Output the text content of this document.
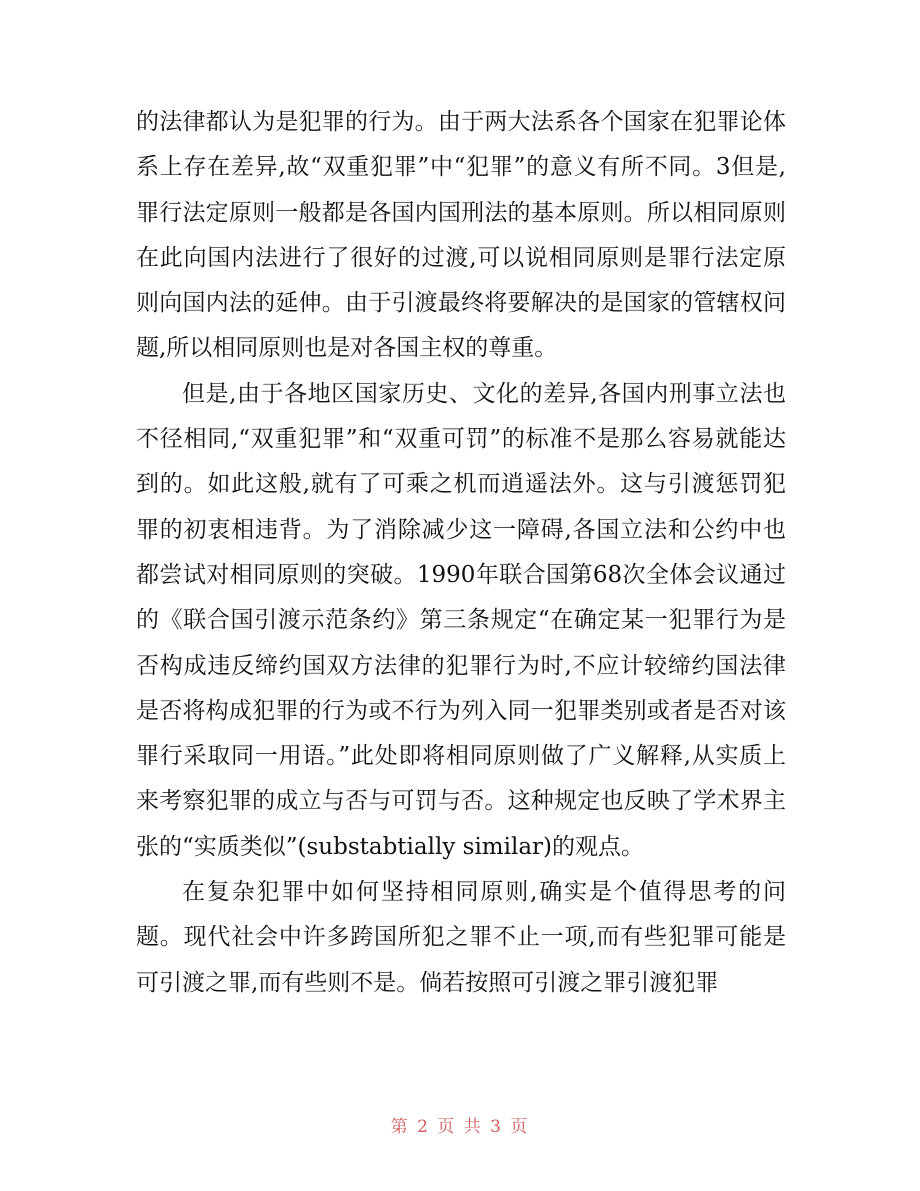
的法律都认为是犯罪的行为。由于两大法系各个国家在犯罪论体系上存在差异,故“双重犯罪”中“犯罪”的意义有所不同。3但是,罪行法定原则一般都是各国内国刑法的基本原则。所以相同原则在此向国内法进行了很好的过渡,可以说相同原则是罪行法定原则向国内法的延伸。由于引渡最终将要解决的是国家的管辖权问题,所以相同原则也是对各国主权的尊重。

但是,由于各地区国家历史、文化的差异,各国内刑事立法也不径相同,“双重犯罪”和“双重可罚”的标准不是那么容易就能达到的。如此这般,就有了可乘之机而逍遥法外。这与引渡惩罚犯罪的初衷相违背。为了消除减少这一障碍,各国立法和公约中也都尝试对相同原则的突破。1990年联合国第68次全体会议通过的《联合国引渡示范条约》第三条规定“在确定某一犯罪行为是否构成违反缔约国双方法律的犯罪行为时,不应计较缔约国法律是否将构成犯罪的行为或不行为列入同一犯罪类别或者是否对该罪行采取同一用语。”此处即将相同原则做了广义解释,从实质上来考察犯罪的成立与否与可罚与否。这种规定也反映了学术界主张的“实质类似”(substabtially similar)的观点。

在复杂犯罪中如何坚持相同原则,确实是个值得思考的问题。现代社会中许多跨国所犯之罪不止一项,而有些犯罪可能是可引渡之罪,而有些则不是。倘若按照可引渡之罪引渡犯罪

第 2 页 共 3 页
